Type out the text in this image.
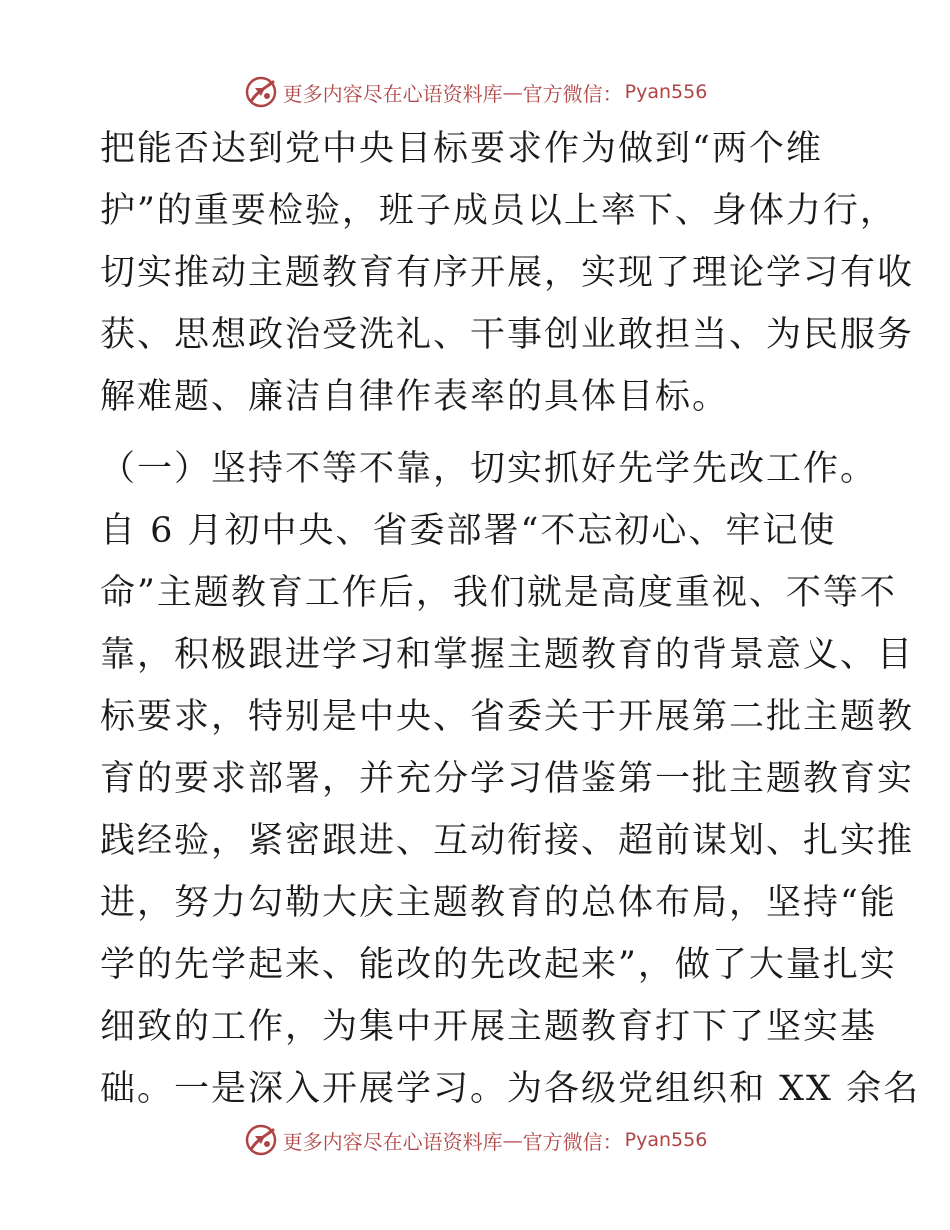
更多内容尽在心语资料库 — 官方微信： Pyan556
把能否达到党中央目标要求作为做到“两个维
护”的重要检验，班子成员以上率下、身体力行，
切实推动主题教育有序开展，实现了理论学习有收
获、思想政治受洗礼、干事创业敢担当、为民服务
解难题、廉洁自律作表率的具体目标。
（一）坚持不等不靠，切实抓好先学先改工作。
自 6 月初中央、省委部署“不忘初心、牢记使
命”主题教育工作后，我们就是高度重视、不等不
靠，积极跟进学习和掌握主题教育的背景意义、目
标要求，特别是中央、省委关于开展第二批主题教
育的要求部署，并充分学习借鉴第一批主题教育实
践经验，紧密跟进、互动衔接、超前谋划、扎实推
进，努力勾勒大庆主题教育的总体布局，坚持“能
学的先学起来、能改的先改起来”，做了大量扎实
细致的工作，为集中开展主题教育打下了坚实基
础。一是深入开展学习。为各级党组织和 XX 余名
更多内容尽在心语资料库 — 官方微信： Pyan556
